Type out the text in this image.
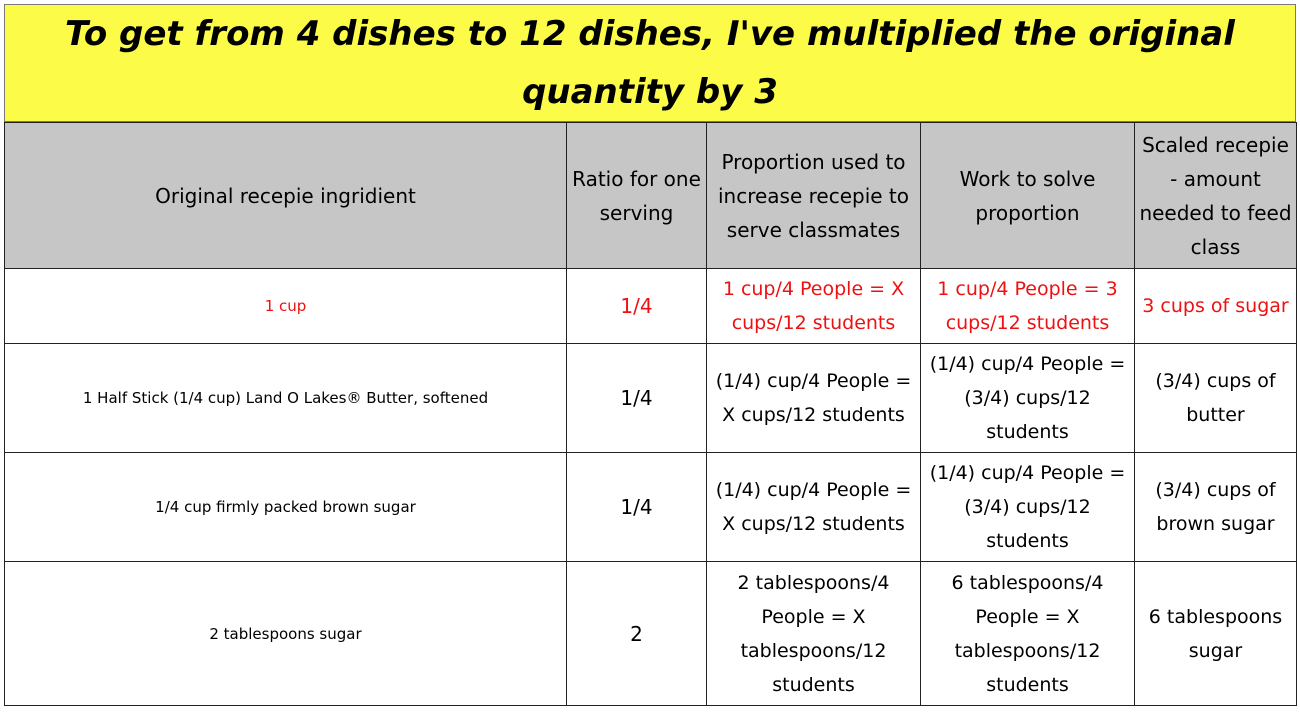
To get from 4 dishes to 12 dishes, I've multiplied the original quantity by 3
Original recepie ingridient	Ratio for one serving	Proportion used to increase recepie to serve classmates	Work to solve proportion	Scaled recepie - amount needed to feed class
1 cup	1/4	1 cup/4 People = X cups/12 students	1 cup/4 People = 3 cups/12 students	3 cups of sugar
1 Half Stick (1/4 cup) Land O Lakes® Butter, softened	1/4	(1/4) cup/4 People = X cups/12 students	(1/4) cup/4 People = (3/4) cups/12 students	(3/4) cups of butter
1/4 cup firmly packed brown sugar	1/4	(1/4) cup/4 People = X cups/12 students	(1/4) cup/4 People = (3/4) cups/12 students	(3/4) cups of brown sugar
2 tablespoons sugar	2	2 tablespoons/4 People = X tablespoons/12 students	6 tablespoons/4 People = X tablespoons/12 students	6 tablespoons sugar
